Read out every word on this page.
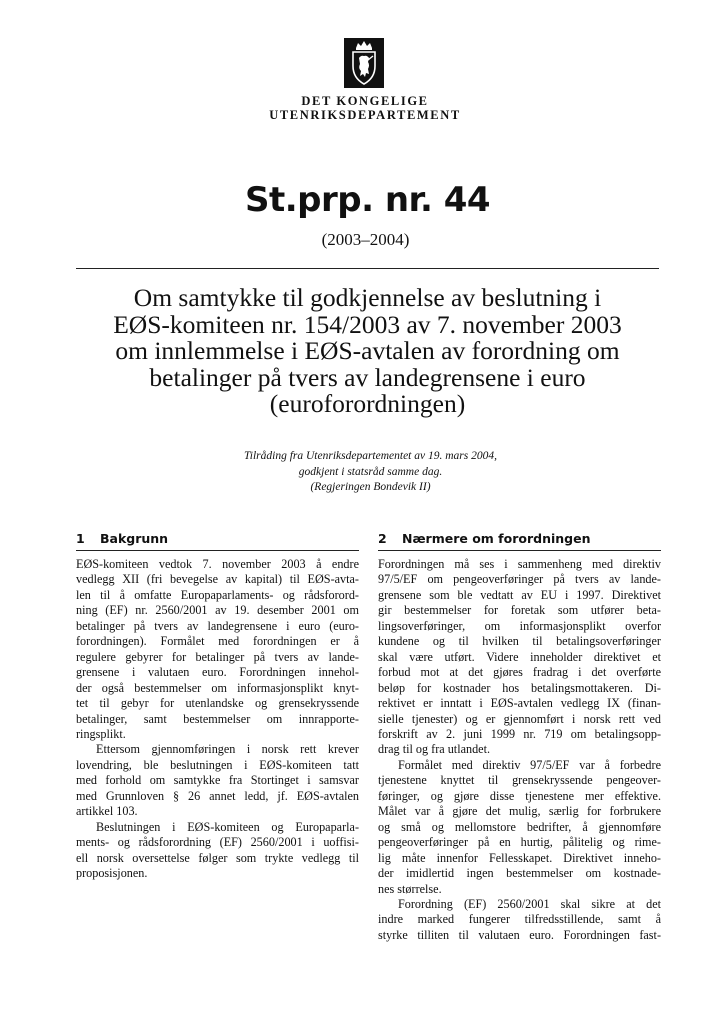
DET KONGELIGE
UTENRIKSDEPARTEMENT
St.prp. nr. 44
(2003–2004)
Om samtykke til godkjennelse av beslutning i
EØS-komiteen nr. 154/2003 av 7. november 2003
om innlemmelse i EØS-avtalen av forordning om
betalinger på tvers av landegrensene i euro
(euroforordningen)
Tilråding fra Utenriksdepartementet av 19. mars 2004,
godkjent i statsråd samme dag.
(Regjeringen Bondevik II)
1 Bakgrunn
EØS-komiteen vedtok 7. november 2003 å endre
vedlegg XII (fri bevegelse av kapital) til EØS-avta-
len til å omfatte Europaparlaments- og rådsforord-
ning (EF) nr. 2560/2001 av 19. desember 2001 om
betalinger på tvers av landegrensene i euro (euro-
forordningen). Formålet med forordningen er å
regulere gebyrer for betalinger på tvers av lande-
grensene i valutaen euro. Forordningen innehol-
der også bestemmelser om informasjonsplikt knyt-
tet til gebyr for utenlandske og grensekryssende
betalinger, samt bestemmelser om innrapporte-
ringsplikt.
Ettersom gjennomføringen i norsk rett krever
lovendring, ble beslutningen i EØS-komiteen tatt
med forhold om samtykke fra Stortinget i samsvar
med Grunnloven § 26 annet ledd, jf. EØS-avtalen
artikkel 103.
Beslutningen i EØS-komiteen og Europaparla-
ments- og rådsforordning (EF) 2560/2001 i uoffisi-
ell norsk oversettelse følger som trykte vedlegg til
proposisjonen.
2 Nærmere om forordningen
Forordningen må ses i sammenheng med direktiv
97/5/EF om pengeoverføringer på tvers av lande-
grensene som ble vedtatt av EU i 1997. Direktivet
gir bestemmelser for foretak som utfører beta-
lingsoverføringer, om informasjonsplikt overfor
kundene og til hvilken til betalingsoverføringer
skal være utført. Videre inneholder direktivet et
forbud mot at det gjøres fradrag i det overførte
beløp for kostnader hos betalingsmottakeren. Di-
rektivet er inntatt i EØS-avtalen vedlegg IX (finan-
sielle tjenester) og er gjennomført i norsk rett ved
forskrift av 2. juni 1999 nr. 719 om betalingsopp-
drag til og fra utlandet.
Formålet med direktiv 97/5/EF var å forbedre
tjenestene knyttet til grensekryssende pengeover-
føringer, og gjøre disse tjenestene mer effektive.
Målet var å gjøre det mulig, særlig for forbrukere
og små og mellomstore bedrifter, å gjennomføre
pengeoverføringer på en hurtig, pålitelig og rime-
lig måte innenfor Fellesskapet. Direktivet inneho-
der imidlertid ingen bestemmelser om kostnade-
nes størrelse.
Forordning (EF) 2560/2001 skal sikre at det
indre marked fungerer tilfredsstillende, samt å
styrke tilliten til valutaen euro. Forordningen fast-
